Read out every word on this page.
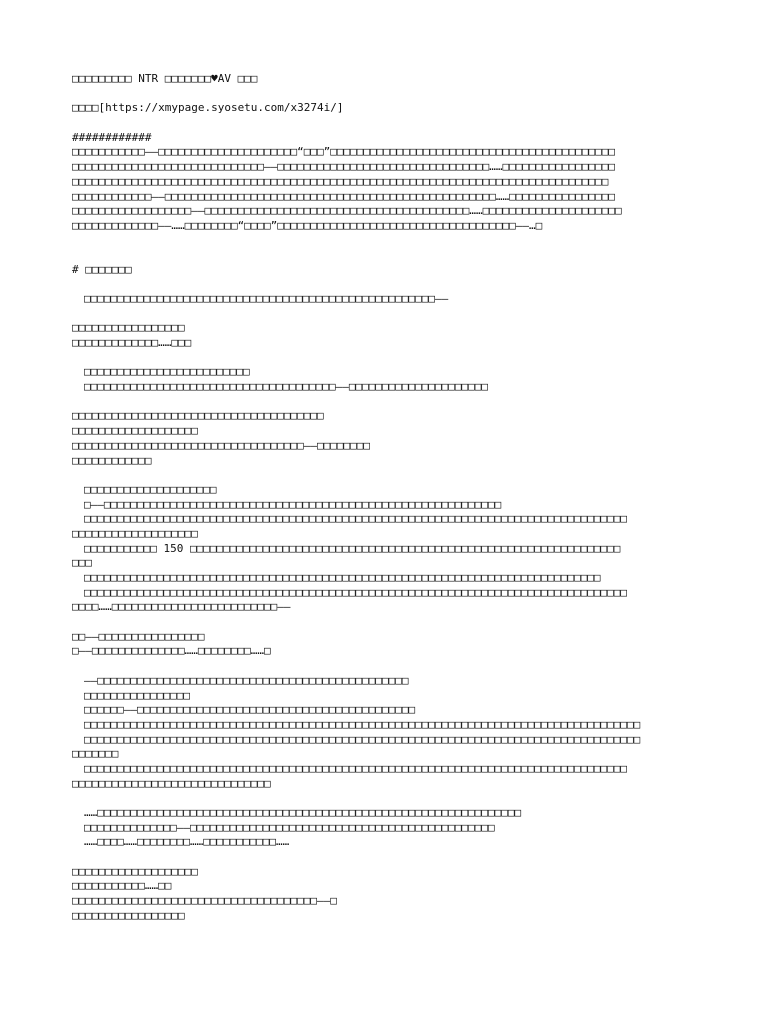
□□□□□□□□□ NTR □□□□□□□♥AV □□□
□□□□[https://xmypage.syosetu.com/x3274i/]
############
□□□□□□□□□□□——□□□□□□□□□□□□□□□□□□□□□“□□□”□□□□□□□□□□□□□□□□□□□□□□□□□□□□□□□□□□□□□□□□□□□
□□□□□□□□□□□□□□□□□□□□□□□□□□□□□——□□□□□□□□□□□□□□□□□□□□□□□□□□□□□□□□……□□□□□□□□□□□□□□□□□
□□□□□□□□□□□□□□□□□□□□□□□□□□□□□□□□□□□□□□□□□□□□□□□□□□□□□□□□□□□□□□□□□□□□□□□□□□□□□□□□□
□□□□□□□□□□□□——□□□□□□□□□□□□□□□□□□□□□□□□□□□□□□□□□□□□□□□□□□□□□□□□□□……□□□□□□□□□□□□□□□□
□□□□□□□□□□□□□□□□□□——□□□□□□□□□□□□□□□□□□□□□□□□□□□□□□□□□□□□□□□□……□□□□□□□□□□□□□□□□□□□□□
□□□□□□□□□□□□□——……□□□□□□□□“□□□□”□□□□□□□□□□□□□□□□□□□□□□□□□□□□□□□□□□□□——…□
# □□□□□□□
□□□□□□□□□□□□□□□□□□□□□□□□□□□□□□□□□□□□□□□□□□□□□□□□□□□□□——
□□□□□□□□□□□□□□□□□
□□□□□□□□□□□□□……□□□
□□□□□□□□□□□□□□□□□□□□□□□□□
□□□□□□□□□□□□□□□□□□□□□□□□□□□□□□□□□□□□□□——□□□□□□□□□□□□□□□□□□□□□
□□□□□□□□□□□□□□□□□□□□□□□□□□□□□□□□□□□□□□
□□□□□□□□□□□□□□□□□□□
□□□□□□□□□□□□□□□□□□□□□□□□□□□□□□□□□□□——□□□□□□□□
□□□□□□□□□□□□
□□□□□□□□□□□□□□□□□□□□
□——□□□□□□□□□□□□□□□□□□□□□□□□□□□□□□□□□□□□□□□□□□□□□□□□□□□□□□□□□□□□
□□□□□□□□□□□□□□□□□□□□□□□□□□□□□□□□□□□□□□□□□□□□□□□□□□□□□□□□□□□□□□□□□□□□□□□□□□□□□□□□□□
□□□□□□□□□□□□□□□□□□□
□□□□□□□□□□□ 150 □□□□□□□□□□□□□□□□□□□□□□□□□□□□□□□□□□□□□□□□□□□□□□□□□□□□□□□□□□□□□□□□□
□□□
□□□□□□□□□□□□□□□□□□□□□□□□□□□□□□□□□□□□□□□□□□□□□□□□□□□□□□□□□□□□□□□□□□□□□□□□□□□□□□
□□□□□□□□□□□□□□□□□□□□□□□□□□□□□□□□□□□□□□□□□□□□□□□□□□□□□□□□□□□□□□□□□□□□□□□□□□□□□□□□□□
□□□□……□□□□□□□□□□□□□□□□□□□□□□□□□——
□□——□□□□□□□□□□□□□□□□
□——□□□□□□□□□□□□□□……□□□□□□□□……□
——□□□□□□□□□□□□□□□□□□□□□□□□□□□□□□□□□□□□□□□□□□□□□□□
□□□□□□□□□□□□□□□□
□□□□□□——□□□□□□□□□□□□□□□□□□□□□□□□□□□□□□□□□□□□□□□□□□
□□□□□□□□□□□□□□□□□□□□□□□□□□□□□□□□□□□□□□□□□□□□□□□□□□□□□□□□□□□□□□□□□□□□□□□□□□□□□□□□□□□□
□□□□□□□□□□□□□□□□□□□□□□□□□□□□□□□□□□□□□□□□□□□□□□□□□□□□□□□□□□□□□□□□□□□□□□□□□□□□□□□□□□□□
□□□□□□□
□□□□□□□□□□□□□□□□□□□□□□□□□□□□□□□□□□□□□□□□□□□□□□□□□□□□□□□□□□□□□□□□□□□□□□□□□□□□□□□□□□
□□□□□□□□□□□□□□□□□□□□□□□□□□□□□□
……□□□□□□□□□□□□□□□□□□□□□□□□□□□□□□□□□□□□□□□□□□□□□□□□□□□□□□□□□□□□□□□□
□□□□□□□□□□□□□□——□□□□□□□□□□□□□□□□□□□□□□□□□□□□□□□□□□□□□□□□□□□□□□
……□□□□……□□□□□□□□……□□□□□□□□□□□……
□□□□□□□□□□□□□□□□□□□
□□□□□□□□□□□……□□
□□□□□□□□□□□□□□□□□□□□□□□□□□□□□□□□□□□□□——□
□□□□□□□□□□□□□□□□□
